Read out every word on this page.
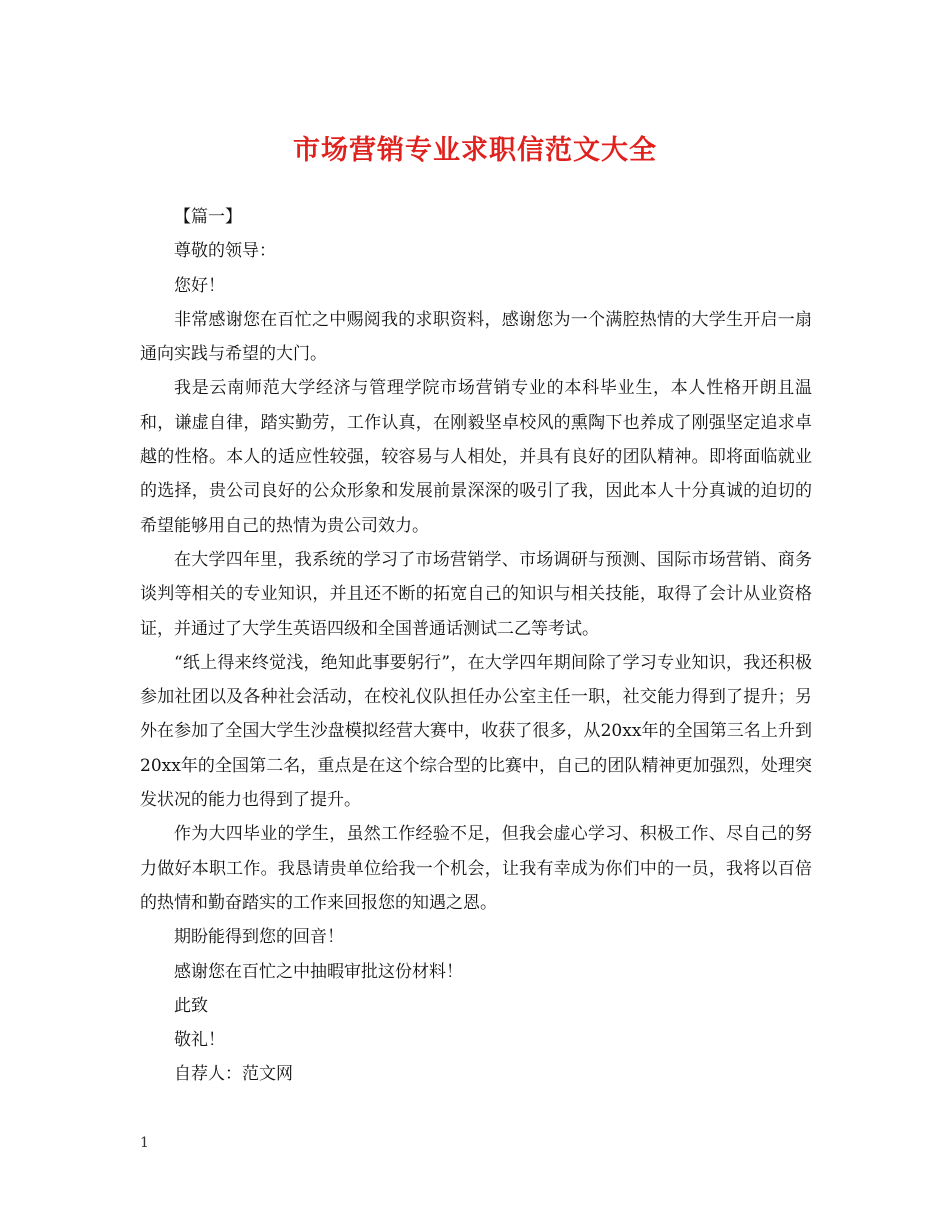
市场营销专业求职信范文大全

【篇一】

尊敬的领导：

您好！

非常感谢您在百忙之中赐阅我的求职资料，感谢您为一个满腔热情的大学生开启一扇通向实践与希望的大门。

我是云南师范大学经济与管理学院市场营销专业的本科毕业生，本人性格开朗且温和，谦虚自律，踏实勤劳，工作认真，在刚毅坚卓校风的熏陶下也养成了刚强坚定追求卓越的性格。本人的适应性较强，较容易与人相处，并具有良好的团队精神。即将面临就业的选择，贵公司良好的公众形象和发展前景深深的吸引了我，因此本人十分真诚的迫切的希望能够用自己的热情为贵公司效力。

在大学四年里，我系统的学习了市场营销学、市场调研与预测、国际市场营销、商务谈判等相关的专业知识，并且还不断的拓宽自己的知识与相关技能，取得了会计从业资格证，并通过了大学生英语四级和全国普通话测试二乙等考试。

“纸上得来终觉浅，绝知此事要躬行”，在大学四年期间除了学习专业知识，我还积极参加社团以及各种社会活动，在校礼仪队担任办公室主任一职，社交能力得到了提升；另外在参加了全国大学生沙盘模拟经营大赛中，收获了很多，从20xx年的全国第三名上升到20xx年的全国第二名，重点是在这个综合型的比赛中，自己的团队精神更加强烈，处理突发状况的能力也得到了提升。

作为大四毕业的学生，虽然工作经验不足，但我会虚心学习、积极工作、尽自己的努力做好本职工作。我恳请贵单位给我一个机会，让我有幸成为你们中的一员，我将以百倍的热情和勤奋踏实的工作来回报您的知遇之恩。

期盼能得到您的回音！

感谢您在百忙之中抽暇审批这份材料！

此致

敬礼！

自荐人：范文网

1
